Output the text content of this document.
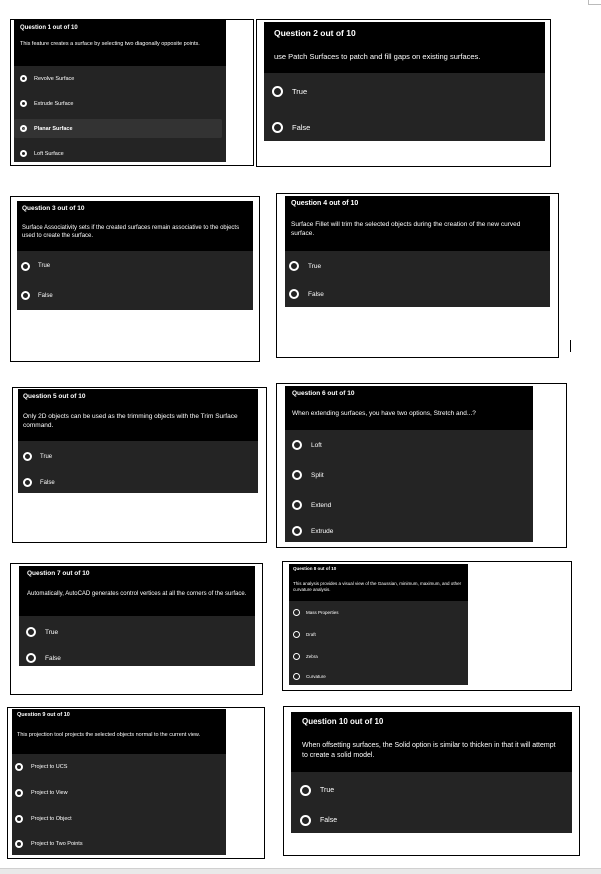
Question 1 out of 10
This feature creates a surface by selecting two diagonally opposite points.
Revolve Surface
Extrude Surface
Planar Surface
Loft Surface
Question 2 out of 10
use Patch Surfaces to patch and fill gaps on existing surfaces.
True
False
Question 3 out of 10
Surface Associativity sets if the created surfaces remain associative to the objects used to create the surface.
True
False
Question 4 out of 10
Surface Fillet will trim the selected objects during the creation of the new curved surface.
True
False
Question 5 out of 10
Only 2D objects can be used as the trimming objects with the Trim Surface command.
True
False
Question 6 out of 10
When extending surfaces, you have two options, Stretch and...?
Loft
Split
Extend
Extrude
Question 7 out of 10
Automatically, AutoCAD generates control vertices at all the corners of the surface.
True
False
Question 8 out of 10
This analysis provides a visual view of the Gaussian, minimum, maximum, and other curvature analysis.
Mass Properties
Draft
Zebra
Curvature
Question 9 out of 10
This projection tool projects the selected objects normal to the current view.
Project to UCS
Project to View
Project to Object
Project to Two Points
Question 10 out of 10
When offsetting surfaces, the Solid option is similar to thicken in that it will attempt to create a solid model.
True
False
